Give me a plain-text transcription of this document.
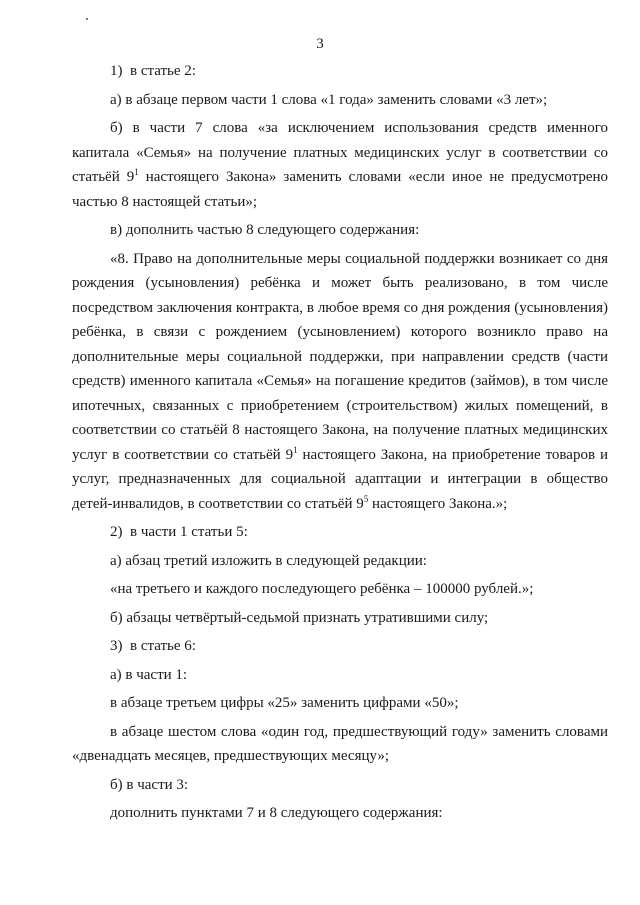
3

1)  в статье 2:

а) в абзаце первом части 1 слова «1 года» заменить словами «3 лет»;

б) в части 7 слова «за исключением использования средств именного капитала «Семья» на получение платных медицинских услуг в соответствии со статьёй $9^1$ настоящего Закона» заменить словами «если иное не предусмотрено частью 8 настоящей статьи»;

в) дополнить частью 8 следующего содержания:

«8. Право на дополнительные меры социальной поддержки возникает со дня рождения (усыновления) ребёнка и может быть реализовано, в том числе посредством заключения контракта, в любое время со дня рождения (усыновления) ребёнка, в связи с рождением (усыновлением) которого возникло право на дополнительные меры социальной поддержки, при направлении средств (части средств) именного капитала «Семья» на погашение кредитов (займов), в том числе ипотечных, связанных с приобретением (строительством) жилых помещений, в соответствии со статьёй 8 настоящего Закона, на получение платных медицинских услуг в соответствии со статьёй $9^1$ настоящего Закона, на приобретение товаров и услуг, предназначенных для социальной адаптации и интеграции в общество детей-инвалидов, в соответствии со статьёй $9^5$ настоящего Закона.»;

2)  в части 1 статьи 5:

а) абзац третий изложить в следующей редакции:

«на третьего и каждого последующего ребёнка – 100000 рублей.»;

б) абзацы четвёртый-седьмой признать утратившими силу;

3)  в статье 6:

а) в части 1:

в абзаце третьем цифры «25» заменить цифрами «50»;

в абзаце шестом слова «один год, предшествующий году» заменить словами «двенадцать месяцев, предшествующих месяцу»;

б) в части 3:

дополнить пунктами 7 и 8 следующего содержания:
